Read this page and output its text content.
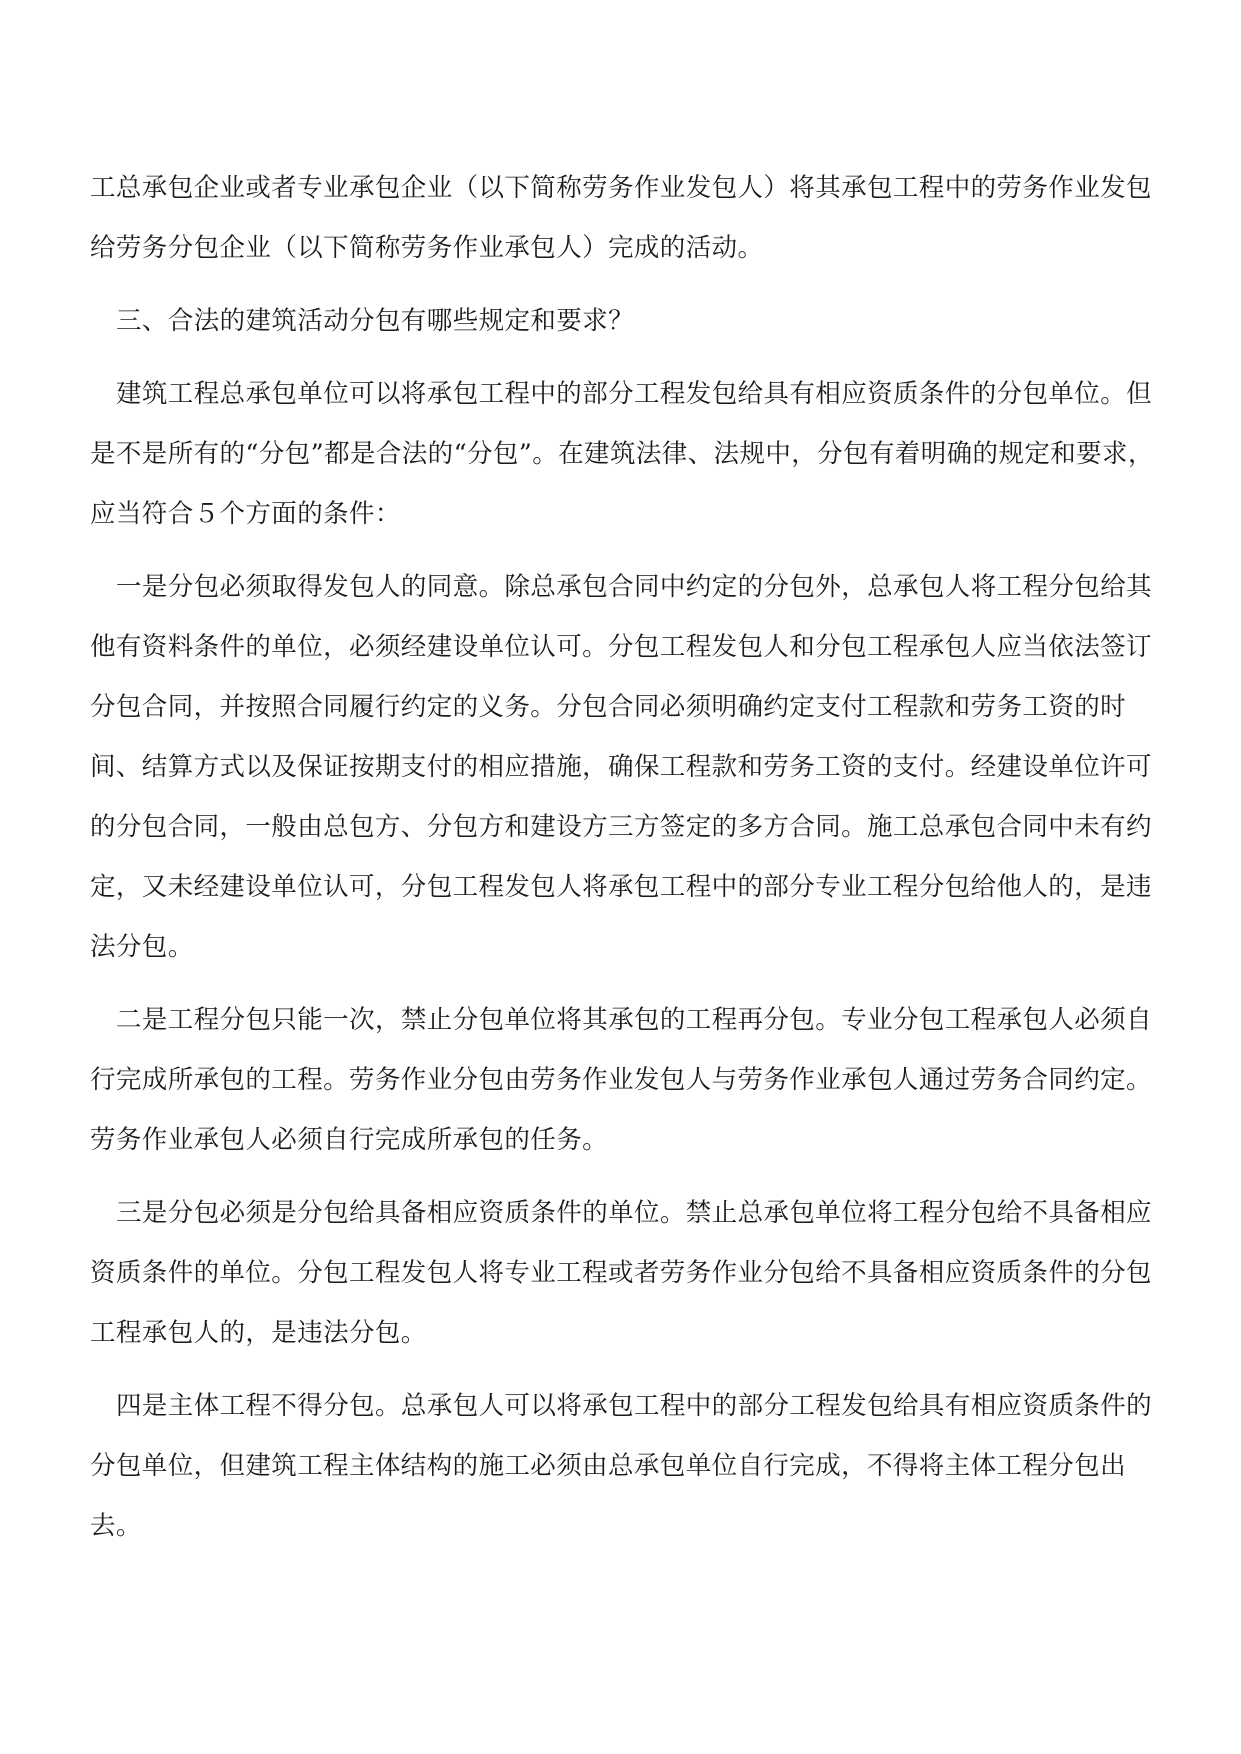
工总承包企业或者专业承包企业（以下简称劳务作业发包人）将其承包工程中的劳务作业发包给劳务分包企业（以下简称劳务作业承包人）完成的活动。

三、合法的建筑活动分包有哪些规定和要求？

建筑工程总承包单位可以将承包工程中的部分工程发包给具有相应资质条件的分包单位。但是不是所有的“分包”都是合法的“分包”。在建筑法律、法规中，分包有着明确的规定和要求，应当符合５个方面的条件：

一是分包必须取得发包人的同意。除总承包合同中约定的分包外，总承包人将工程分包给其他有资料条件的单位，必须经建设单位认可。分包工程发包人和分包工程承包人应当依法签订分包合同，并按照合同履行约定的义务。分包合同必须明确约定支付工程款和劳务工资的时间、结算方式以及保证按期支付的相应措施，确保工程款和劳务工资的支付。经建设单位许可的分包合同，一般由总包方、分包方和建设方三方签定的多方合同。施工总承包合同中未有约定，又未经建设单位认可，分包工程发包人将承包工程中的部分专业工程分包给他人的，是违法分包。

二是工程分包只能一次，禁止分包单位将其承包的工程再分包。专业分包工程承包人必须自行完成所承包的工程。劳务作业分包由劳务作业发包人与劳务作业承包人通过劳务合同约定。劳务作业承包人必须自行完成所承包的任务。

三是分包必须是分包给具备相应资质条件的单位。禁止总承包单位将工程分包给不具备相应资质条件的单位。分包工程发包人将专业工程或者劳务作业分包给不具备相应资质条件的分包工程承包人的，是违法分包。

四是主体工程不得分包。总承包人可以将承包工程中的部分工程发包给具有相应资质条件的分包单位，但建筑工程主体结构的施工必须由总承包单位自行完成，不得将主体工程分包出去。
